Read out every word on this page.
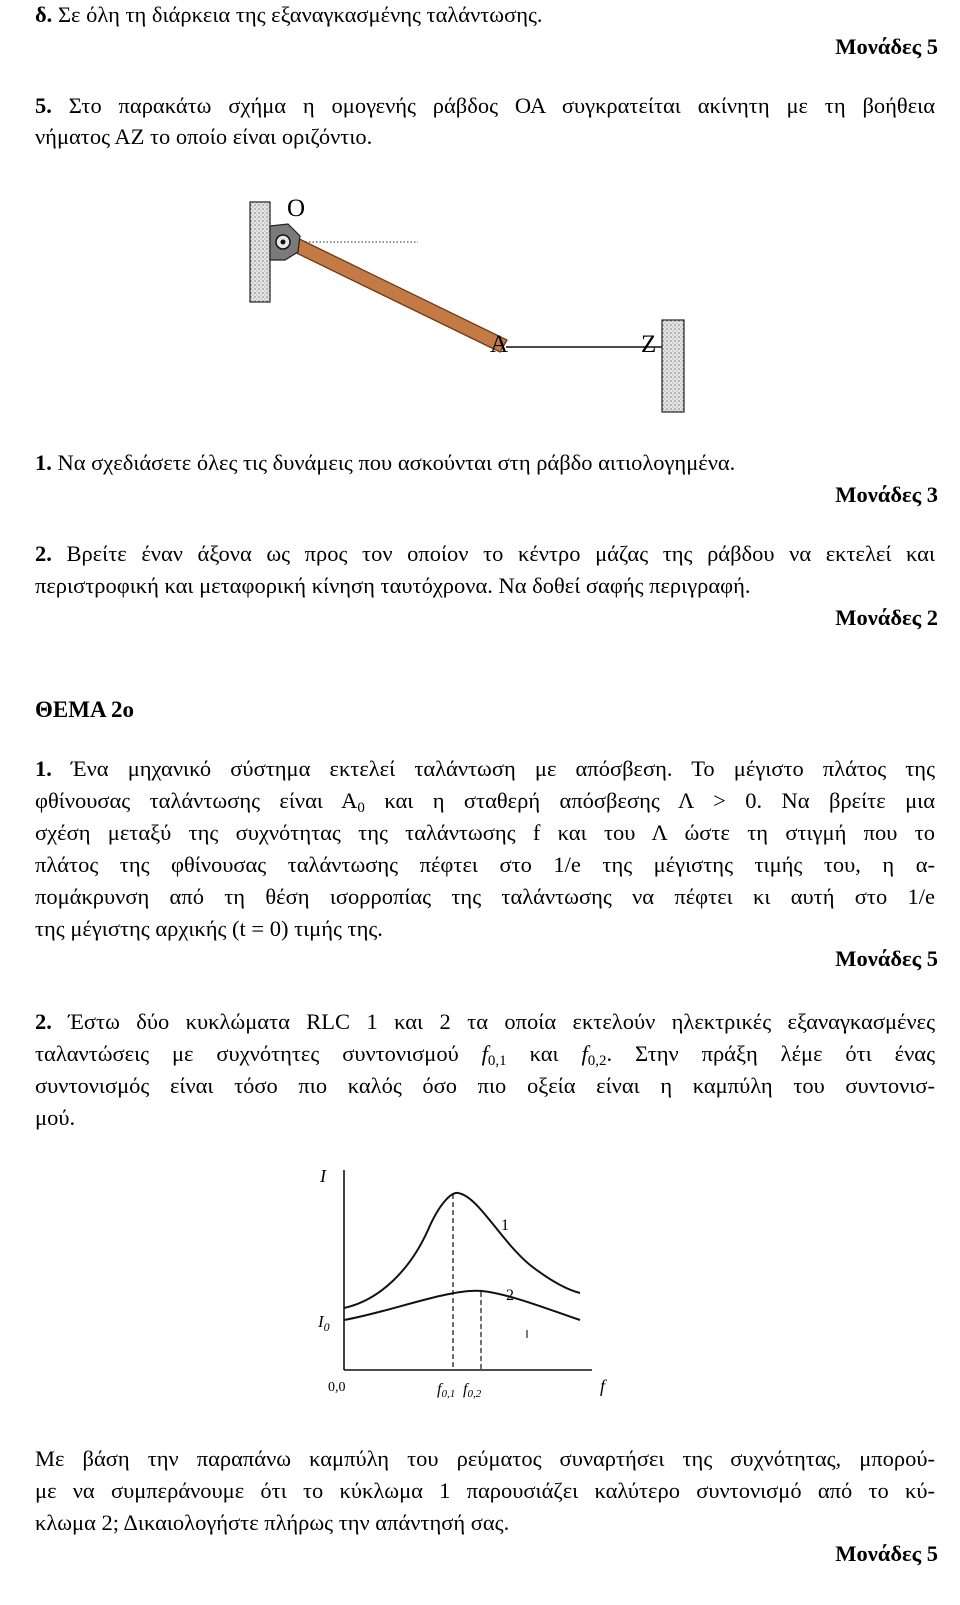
δ. Σε όλη τη διάρκεια της εξαναγκασμένης ταλάντωσης.
Μονάδες 5
5. Στο παρακάτω σχήμα η ομογενής ράβδος ΟΑ συγκρατείται ακίνητη με τη βοήθεια
νήματος ΑΖ το οποίο είναι οριζόντιο.
O
A	Z
1. Να σχεδιάσετε όλες τις δυνάμεις που ασκούνται στη ράβδο αιτιολογημένα.
Μονάδες 3
2. Βρείτε έναν άξονα ως προς τον οποίον το κέντρο μάζας της ράβδου να εκτελεί και
περιστροφική και μεταφορική κίνηση ταυτόχρονα. Να δοθεί σαφής περιγραφή.
Μονάδες 2
ΘΕΜΑ 2ο
1. Ένα μηχανικό σύστημα εκτελεί ταλάντωση με απόσβεση. Το μέγιστο πλάτος της
φθίνουσας ταλάντωσης είναι $A_0$ και η σταθερή απόσβεσης Λ > 0. Να βρείτε μια
σχέση μεταξύ της συχνότητας της ταλάντωσης f και του Λ ώστε τη στιγμή που το
πλάτος της φθίνουσας ταλάντωσης πέφτει στο 1/e της μέγιστης τιμής του, η α-
πομάκρυνση από τη θέση ισορροπίας της ταλάντωσης να πέφτει κι αυτή στο 1/e
της μέγιστης αρχικής (t = 0) τιμής της.
Μονάδες 5
2. Έστω δύο κυκλώματα RLC 1 και 2 τα οποία εκτελούν ηλεκτρικές εξαναγκασμένες
ταλαντώσεις με συχνότητες συντονισμού $f_{0,1}$ και $f_{0,2}$. Στην πράξη λέμε ότι ένας
συντονισμός είναι τόσο πιο καλός όσο πιο οξεία είναι η καμπύλη του συντονισ-
μού.
I
$I_0$
0,0	f
f0,1 f0,2
1
2
Με βάση την παραπάνω καμπύλη του ρεύματος συναρτήσει της συχνότητας, μπορού-
με να συμπεράνουμε ότι το κύκλωμα 1 παρουσιάζει καλύτερο συντονισμό από το κύ-
κλωμα 2; Δικαιολογήστε πλήρως την απάντησή σας.
Μονάδες 5
